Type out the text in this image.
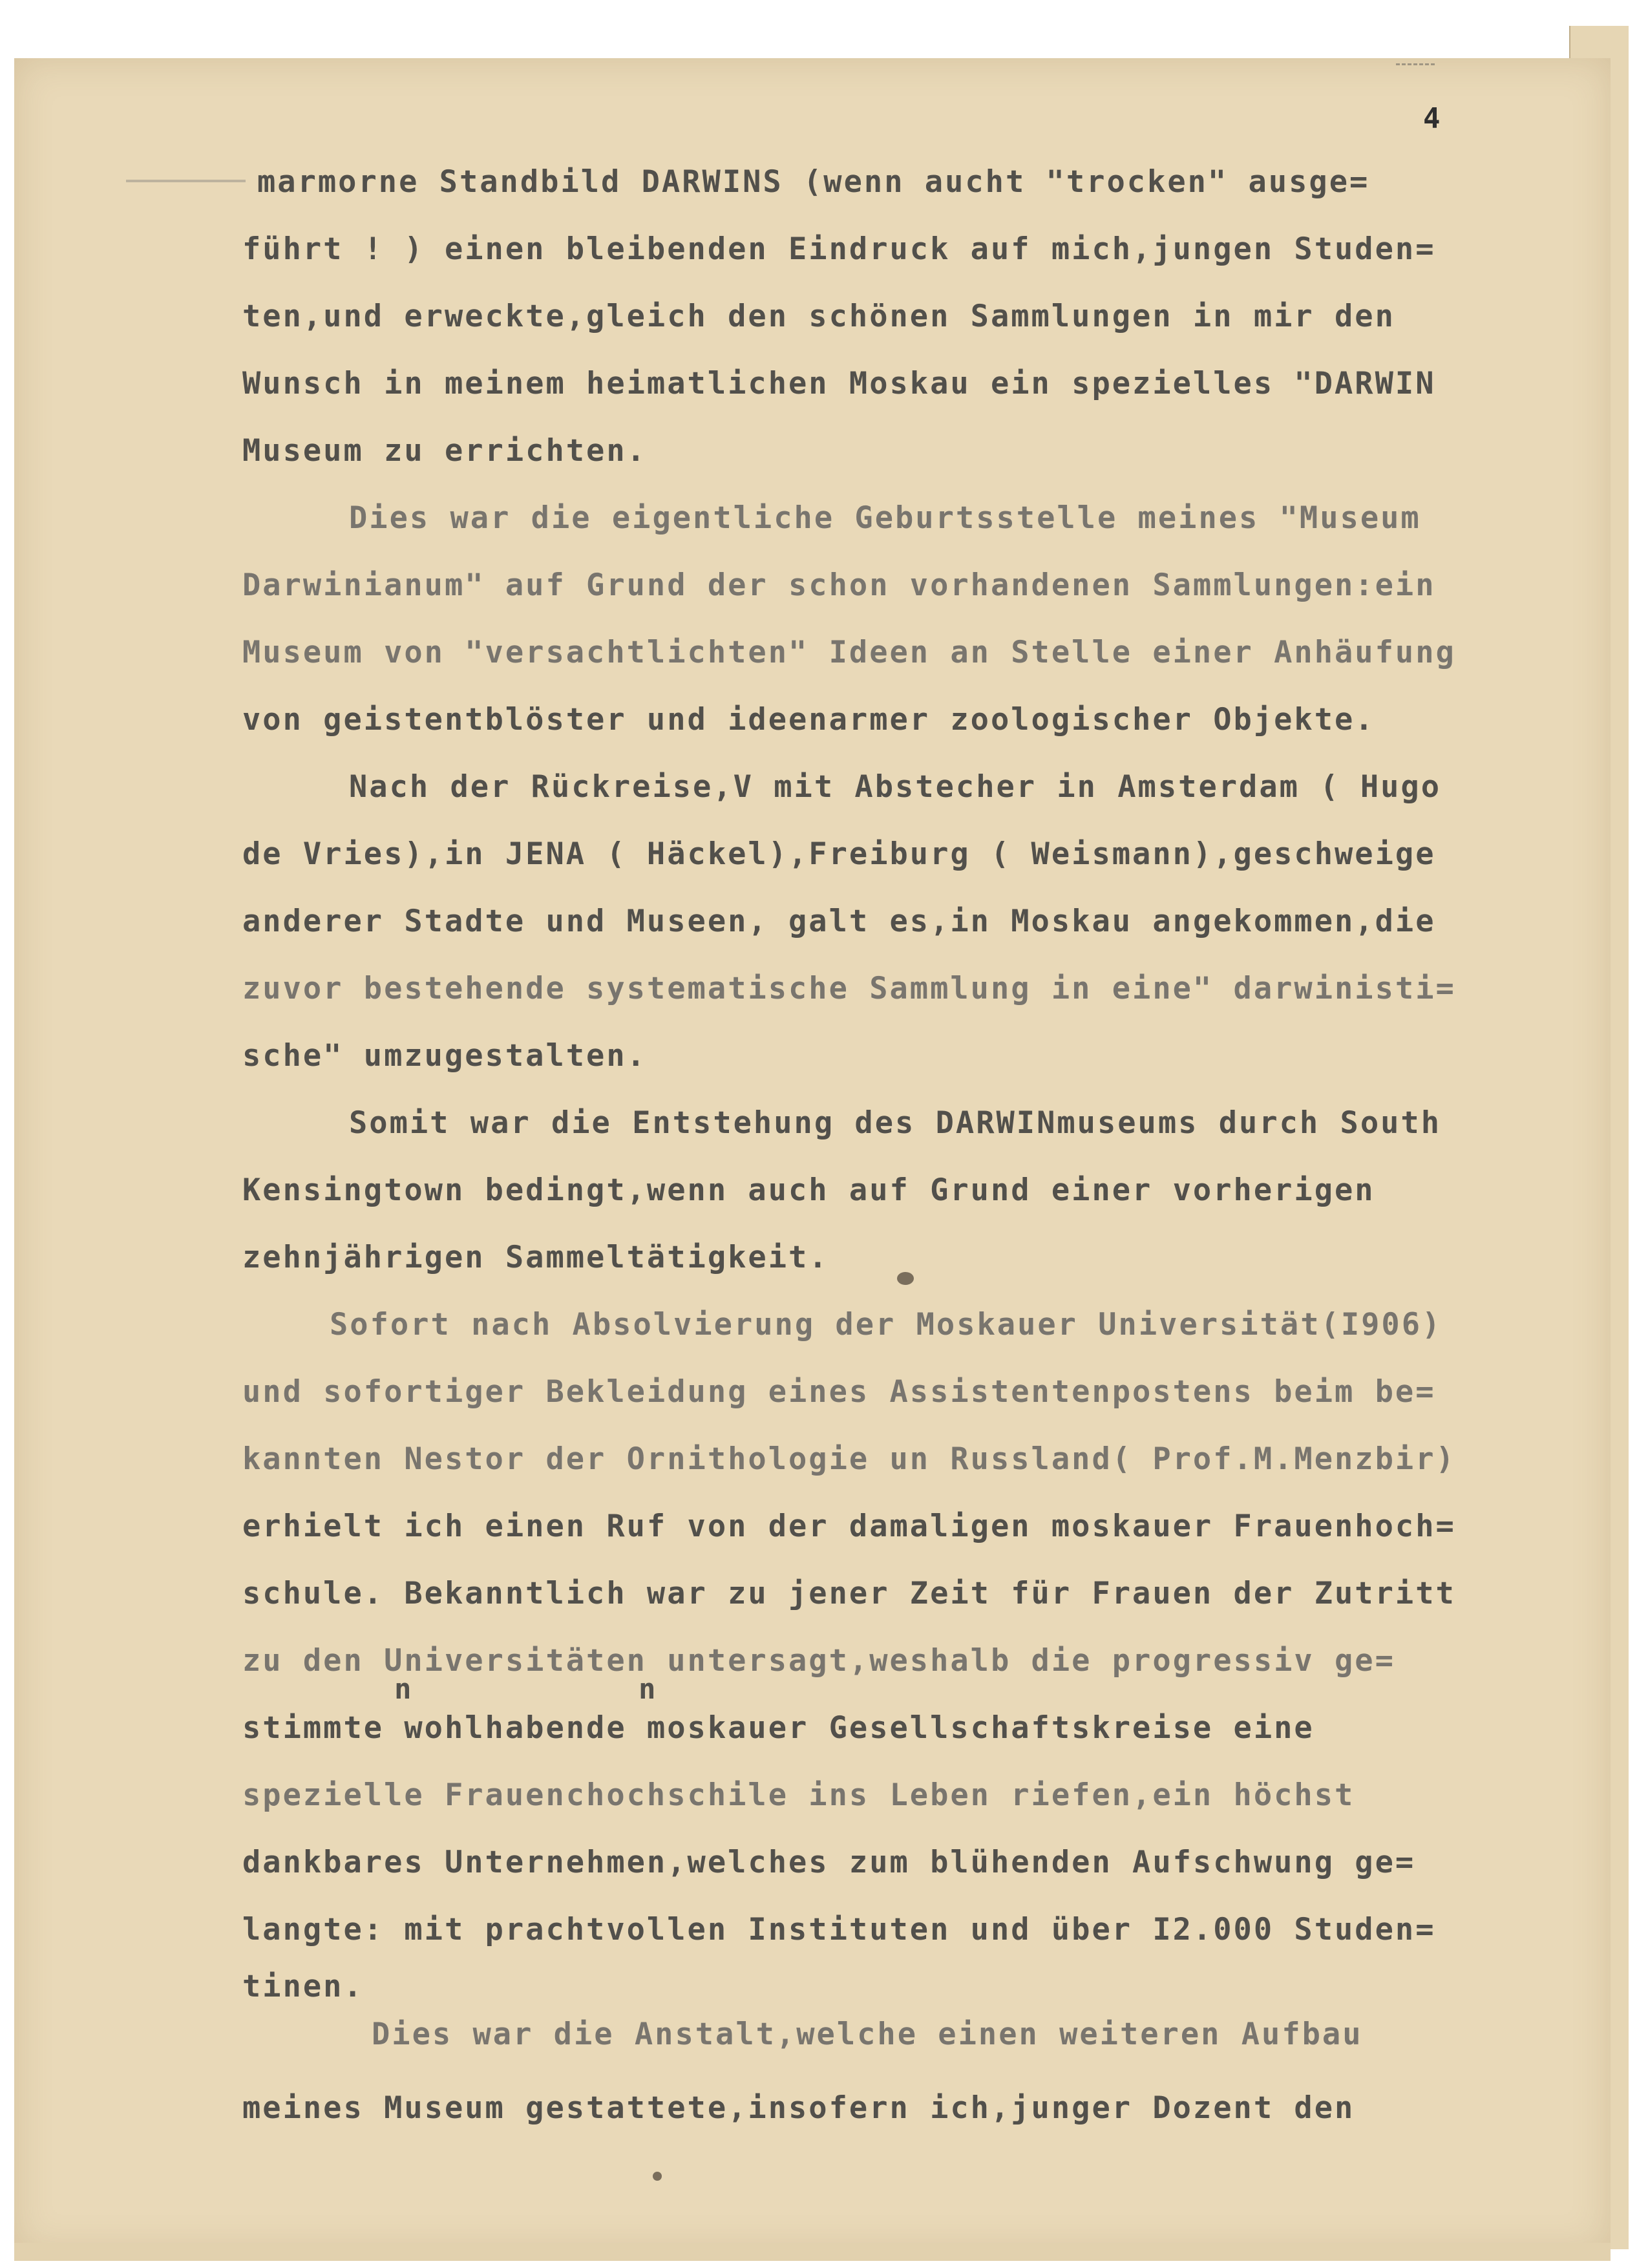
4
marmorne Standbild DARWINS (wenn aucht "trocken" ausge=
führt ! ) einen bleibenden Eindruck auf mich,jungen Studen=
ten,und erweckte,gleich den schönen Sammlungen in mir den
Wunsch in meinem heimatlichen Moskau ein spezielles "DARWIN
Museum zu errichten.
Dies war die eigentliche Geburtsstelle meines "Museum
Darwinianum" auf Grund der schon vorhandenen Sammlungen:ein
Museum von "versachtlichten" Ideen an Stelle einer Anhäufung
von geistentblöster und ideenarmer zoologischer Objekte.
Nach der Rückreise,V mit Abstecher in Amsterdam ( Hugo
de Vries),in JENA ( Häckel),Freiburg ( Weismann),geschweige
anderer Stadte und Museen, galt es,in Moskau angekommen,die
zuvor bestehende systematische Sammlung in eine" darwinisti=
sche" umzugestalten.
Somit war die Entstehung des DARWINmuseums durch South
Kensingtown bedingt,wenn auch auf Grund einer vorherigen
zehnjährigen Sammeltätigkeit.
Sofort nach Absolvierung der Moskauer Universität(I906)
und sofortiger Bekleidung eines Assistentenpostens beim be=
kannten Nestor der Ornithologie un Russland( Prof.M.Menzbir)
erhielt ich einen Ruf von der damaligen moskauer Frauenhoch=
schule. Bekanntlich war zu jener Zeit für Frauen der Zutritt
zu den Universitäten untersagt,weshalb die progressiv ge=
n	n
stimmte wohlhabende moskauer Gesellschaftskreise eine
spezielle Frauenchochschile ins Leben riefen,ein höchst
dankbares Unternehmen,welches zum blühenden Aufschwung ge=
langte: mit prachtvollen Instituten und über I2.000 Studen=
tinen.
Dies war die Anstalt,welche einen weiteren Aufbau
meines Museum gestattete,insofern ich,junger Dozent den
